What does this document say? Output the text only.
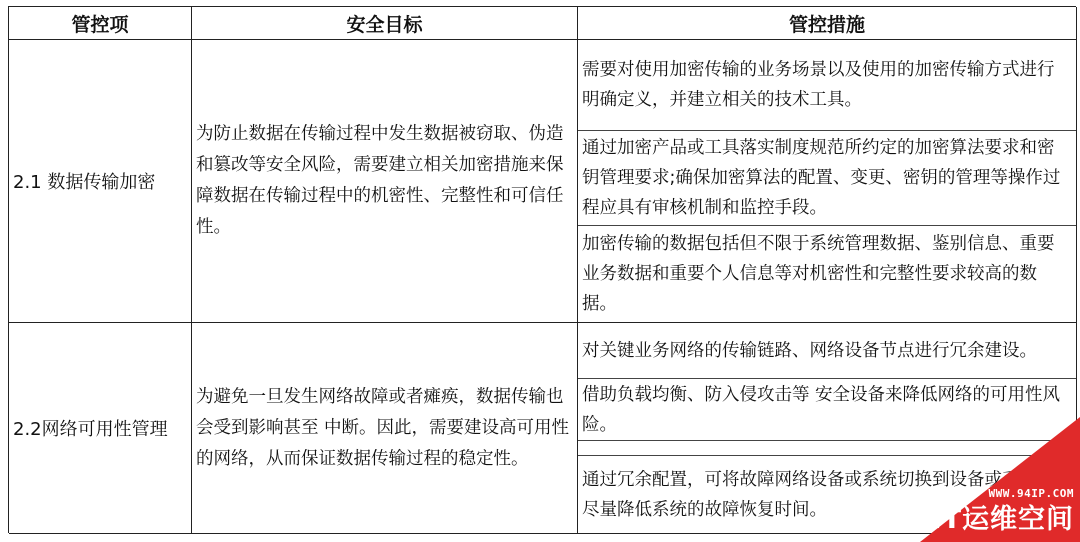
管控项	安全目标	管控措施
2.1 数据传输加密
为防止数据在传输过程中发生数据被窃取、伪造和篡改等安全风险，需要建立相关加密措施来保障数据在传输过程中的机密性、完整性和可信任性。
需要对使用加密传输的业务场景以及使用的加密传输方式进行明确定义，并建立相关的技术工具。
通过加密产品或工具落实制度规范所约定的加密算法要求和密钥管理要求;确保加密算法的配置、变更、密钥的管理等操作过程应具有审核机制和监控手段。
加密传输的数据包括但不限于系统管理数据、鉴别信息、重要业务数据和重要个人信息等对机密性和完整性要求较高的数据。
2.2网络可用性管理
为避免一旦发生网络故障或者瘫痪，数据传输也会受到影响甚至 中断。因此，需要建设高可用性的网络，从而保证数据传输过程的稳定性。
对关键业务网络的传输链路、网络设备节点进行冗余建设。
借助负载均衡、防入侵攻击等 安全设备来降低网络的可用性风险。
通过冗余配置，可将故障网络设备或系统切换到设备或系统，尽量降低系统的故障恢复时间。
WWW.94IP.COM
IT运维空间
